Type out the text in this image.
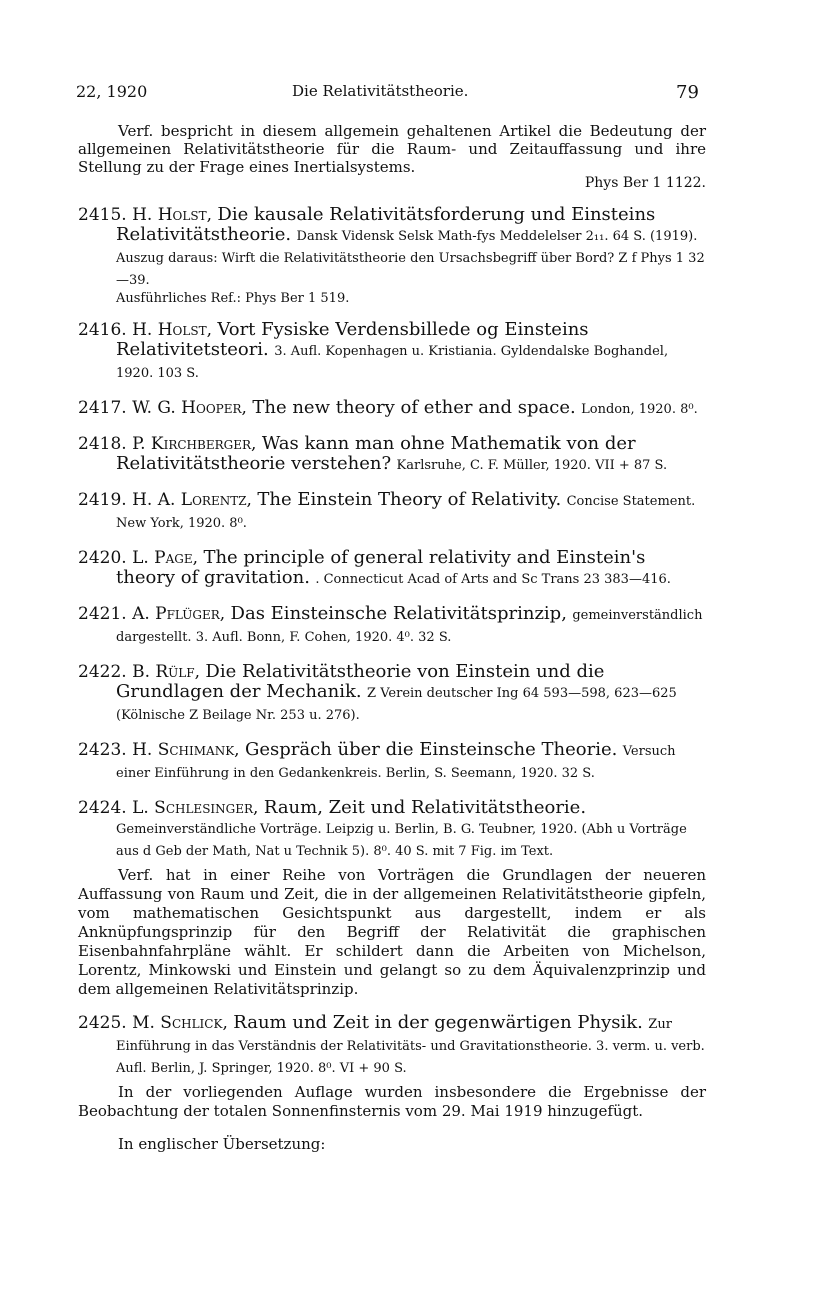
22, 1920	Die Relativitätstheorie.	79
Verf. bespricht in diesem allgemein gehaltenen Artikel die Bedeutung der allgemeinen Relativitätstheorie für die Raum- und Zeitauffassung und ihre Stellung zu der Frage eines Inertialsystems.
Phys Ber 1 1122.
2415. H. Holst, Die kausale Relativitätsforderung und Einsteins Relativitätstheorie. Dansk Vidensk Selsk Math-fys Meddelelser 2₁₁. 64 S. (1919). Auszug daraus: Wirft die Relativitätstheorie den Ursachsbegriff über Bord? Z f Phys 1 32—39.
Ausführliches Ref.: Phys Ber 1 519.
2416. H. Holst, Vort Fysiske Verdensbillede og Einsteins Relativitetsteori. 3. Aufl. Kopenhagen u. Kristiania. Gyldendalske Boghandel, 1920. 103 S.
2417. W. G. Hooper, The new theory of ether and space. London, 1920. 8⁰.
2418. P. Kirchberger, Was kann man ohne Mathematik von der Relativitätstheorie verstehen? Karlsruhe, C. F. Müller, 1920. VII + 87 S.
2419. H. A. Lorentz, The Einstein Theory of Relativity. Concise Statement. New York, 1920. 8⁰.
2420. L. Page, The principle of general relativity and Einstein's theory of gravitation. . Connecticut Acad of Arts and Sc Trans 23 383—416.
2421. A. Pflüger, Das Einsteinsche Relativitätsprinzip, gemeinverständlich dargestellt. 3. Aufl. Bonn, F. Cohen, 1920. 4⁰. 32 S.
2422. B. Rülf, Die Relativitätstheorie von Einstein und die Grundlagen der Mechanik. Z Verein deutscher Ing 64 593—598, 623—625 (Kölnische Z Beilage Nr. 253 u. 276).
2423. H. Schimank, Gespräch über die Einsteinsche Theorie. Versuch einer Einführung in den Gedankenkreis. Berlin, S. Seemann, 1920. 32 S.
2424. L. Schlesinger, Raum, Zeit und Relativitätstheorie. Gemeinverständliche Vorträge. Leipzig u. Berlin, B. G. Teubner, 1920. (Abh u Vorträge aus d Geb der Math, Nat u Technik 5). 8⁰. 40 S. mit 7 Fig. im Text.
Verf. hat in einer Reihe von Vorträgen die Grundlagen der neueren Auffassung von Raum und Zeit, die in der allgemeinen Relativitätstheorie gipfeln, vom mathematischen Gesichtspunkt aus dargestellt, indem er als Anknüpfungsprinzip für den Begriff der Relativität die graphischen Eisenbahnfahrpläne wählt. Er schildert dann die Arbeiten von Michelson, Lorentz, Minkowski und Einstein und gelangt so zu dem Äquivalenzprinzip und dem allgemeinen Relativitätsprinzip.
2425. M. Schlick, Raum und Zeit in der gegenwärtigen Physik. Zur Einführung in das Verständnis der Relativitäts- und Gravitationstheorie. 3. verm. u. verb. Aufl. Berlin, J. Springer, 1920. 8⁰. VI + 90 S.
In der vorliegenden Auflage wurden insbesondere die Ergebnisse der Beobachtung der totalen Sonnenfinsternis vom 29. Mai 1919 hinzugefügt.
In englischer Übersetzung:
